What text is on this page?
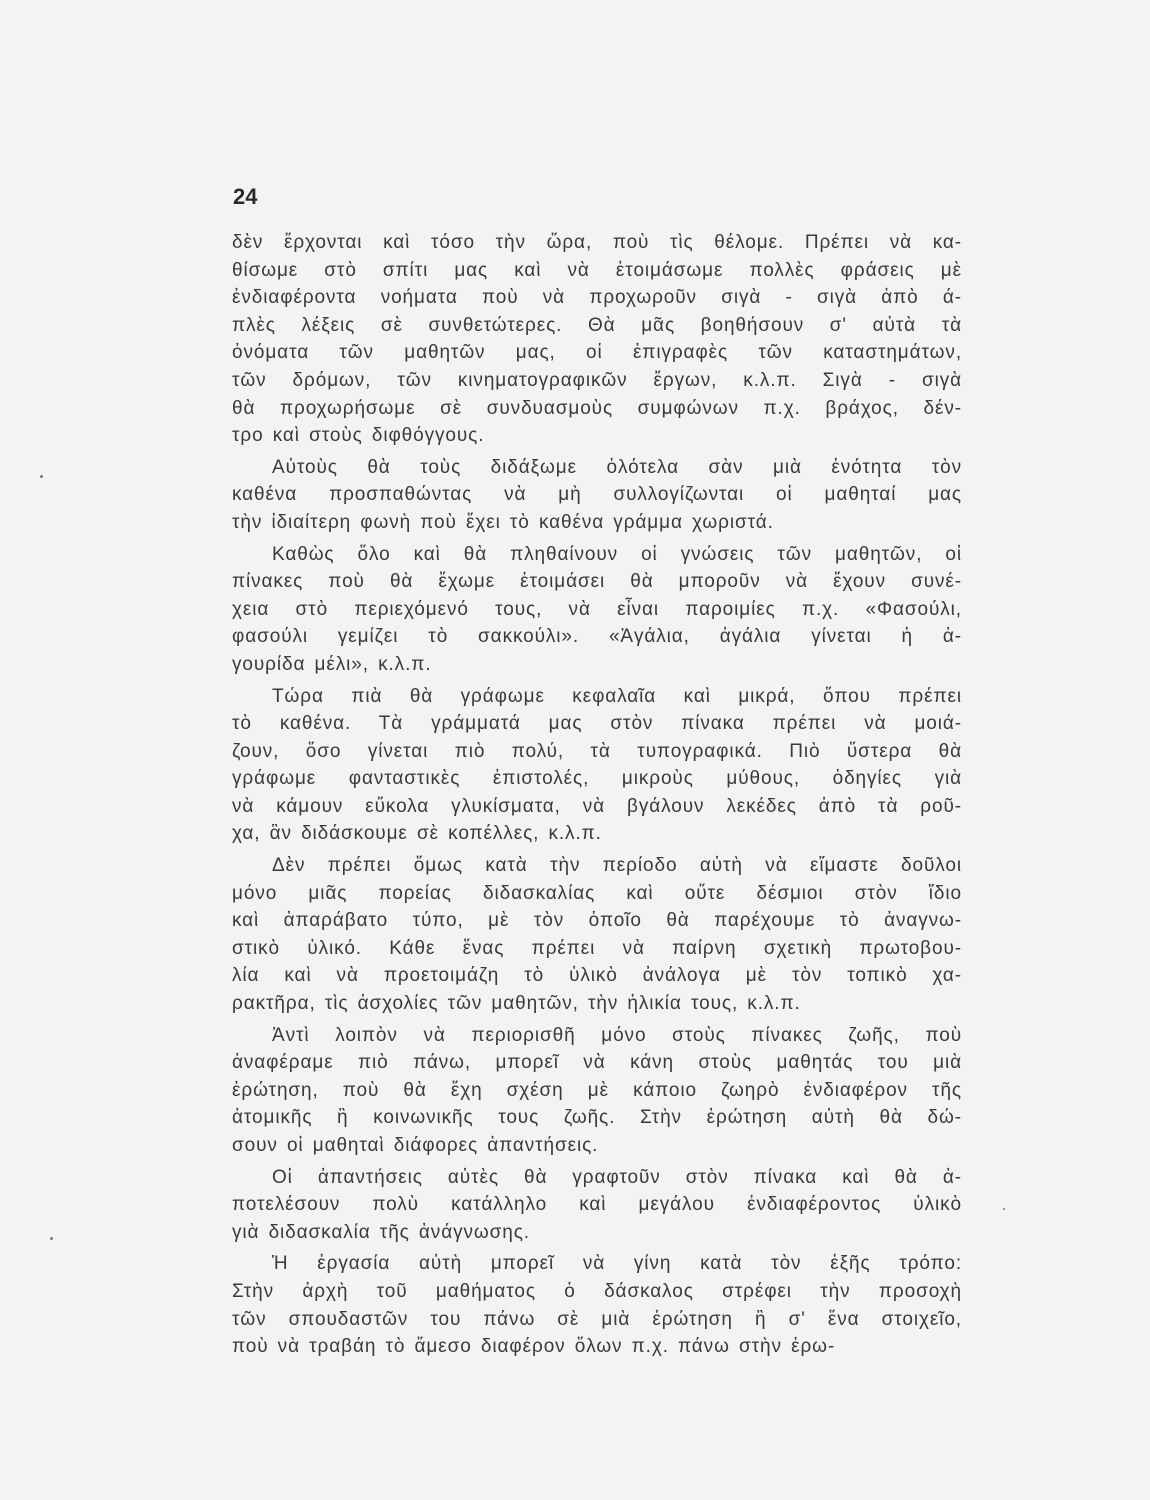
24
δὲν ἔρχονται καὶ τόσο τὴν ὥρα, ποὺ τὶς θέλομε. Πρέπει νὰ κα-
θίσωμε στὸ σπίτι μας καὶ νὰ ἑτοιμάσωμε πολλὲς φράσεις μὲ
ἐνδιαφέροντα νοήματα ποὺ νὰ προχωροῦν σιγὰ - σιγὰ ἀπὸ ά-
πλὲς λέξεις σὲ συνθετώτερες. Θὰ μᾶς βοηθήσουν σ' αὐτὰ τὰ
ὀνόματα τῶν μαθητῶν μας, οἱ ἐπιγραφὲς τῶν καταστημάτων,
τῶν δρόμων, τῶν κινηματογραφικῶν ἔργων, κ.λ.π. Σιγὰ - σιγὰ
θὰ προχωρήσωμε σὲ συνδυασμοὺς συμφώνων π.χ. βράχος, δέν-
τρο καὶ στοὺς διφθόγγους.
Αὐτοὺς θὰ τοὺς διδάξωμε ὁλότελα σὰν μιὰ ἑνότητα τὸν
καθένα προσπαθώντας νὰ μὴ συλλογίζωνται οἱ μαθηταί μας
τὴν ἰδιαίτερη φωνὴ ποὺ ἔχει τὸ καθένα γράμμα χωριστά.
Καθὼς ὅλο καὶ θὰ πληθαίνουν οἱ γνώσεις τῶν μαθητῶν, οἱ
πίνακες ποὺ θὰ ἔχωμε ἑτοιμάσει θὰ μποροῦν νὰ ἔχουν συνέ-
χεια στὸ περιεχόμενό τους, νὰ εἶναι παροιμίες π.χ. «Φασούλι,
φασούλι γεμίζει τὸ σακκούλι». «Ἀγάλια, ἀγάλια γίνεται ἡ ἀ-
γουρίδα μέλι», κ.λ.π.
Τώρα πιὰ θὰ γράφωμε κεφαλαῖα καὶ μικρά, ὅπου πρέπει
τὸ καθένα. Τὰ γράμματά μας στὸν πίνακα πρέπει νὰ μοιά-
ζουν, ὅσο γίνεται πιὸ πολύ, τὰ τυπογραφικά. Πιὸ ὕστερα θὰ
γράφωμε φανταστικὲς ἐπιστολές, μικροὺς μύθους, ὁδηγίες γιὰ
νὰ κάμουν εὔκολα γλυκίσματα, νὰ βγάλουν λεκέδες ἀπὸ τὰ ροῦ-
χα, ἂν διδάσκουμε σὲ κοπέλλες, κ.λ.π.
Δὲν πρέπει ὅμως κατὰ τὴν περίοδο αὐτὴ νὰ εἴμαστε δοῦλοι
μόνο μιᾶς πορείας διδασκαλίας καὶ οὔτε δέσμιοι στὸν ἴδιο
καὶ ἀπαράβατο τύπο, μὲ τὸν ὁποῖο θὰ παρέχουμε τὸ ἀναγνω-
στικὸ ὑλικό. Κάθε ἕνας πρέπει νὰ παίρνη σχετικὴ πρωτοβου-
λία καὶ νὰ προετοιμάζη τὸ ὑλικὸ ἀνάλογα μὲ τὸν τοπικὸ χα-
ρακτῆρα, τὶς ἀσχολίες τῶν μαθητῶν, τὴν ἡλικία τους, κ.λ.π.
Ἀντὶ λοιπὸν νὰ περιορισθῆ μόνο στοὺς πίνακες ζωῆς, ποὺ
ἀναφέραμε πιὸ πάνω, μπορεῖ νὰ κάνη στοὺς μαθητάς του μιὰ
ἐρώτηση, ποὺ θὰ ἔχη σχέση μὲ κάποιο ζωηρὸ ἐνδιαφέρον τῆς
ἀτομικῆς ἢ κοινωνικῆς τους ζωῆς. Στὴν ἐρώτηση αὐτὴ θὰ δώ-
σουν οἱ μαθηταὶ διάφορες ἀπαντήσεις.
Οἱ ἀπαντήσεις αὐτὲς θὰ γραφτοῦν στὸν πίνακα καὶ θὰ ἀ-
ποτελέσουν πολὺ κατάλληλο καὶ μεγάλου ἐνδιαφέροντος ὑλικὸ
γιὰ διδασκαλία τῆς ἀνάγνωσης.
Ἡ ἐργασία αὐτὴ μπορεῖ νὰ γίνη κατὰ τὸν ἑξῆς τρόπο:
Στὴν ἀρχὴ τοῦ μαθήματος ὁ δάσκαλος στρέφει τὴν προσοχὴ
τῶν σπουδαστῶν του πάνω σὲ μιὰ ἐρώτηση ἢ σ' ἕνα στοιχεῖο,
ποὺ νὰ τραβάη τὸ ἄμεσο διαφέρον ὅλων π.χ. πάνω στὴν ἐρω-
